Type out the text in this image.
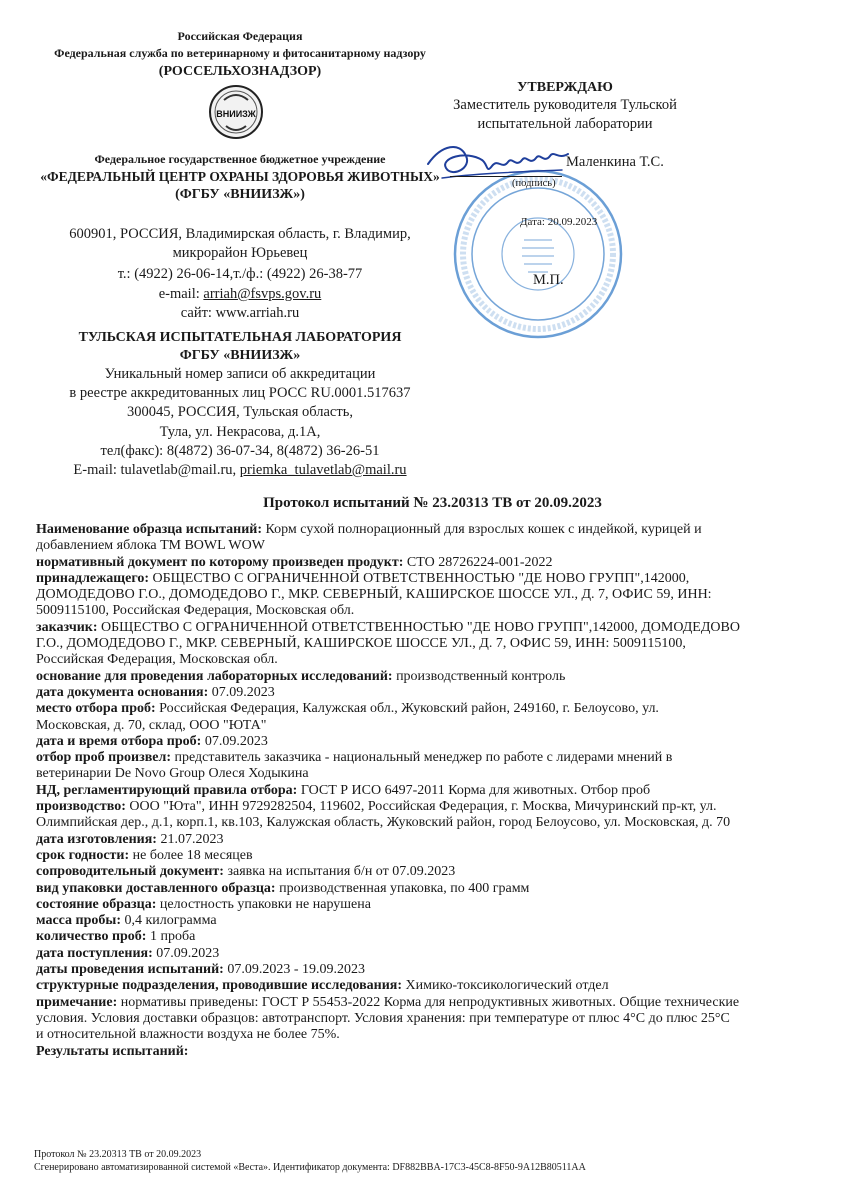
Российская Федерация
Федеральная служба по ветеринарному и фитосанитарному надзору
(РОССЕЛЬХОЗНАДЗОР)
ВНИИЗЖ
Федеральное государственное бюджетное учреждение
«ФЕДЕРАЛЬНЫЙ ЦЕНТР ОХРАНЫ ЗДОРОВЬЯ ЖИВОТНЫХ»
(ФГБУ «ВНИИЗЖ»)
600901, РОССИЯ, Владимирская область, г. Владимир,
микрорайон Юрьевец
т.: (4922) 26-06-14,т./ф.: (4922) 26-38-77
e-mail: arriah@fsvps.gov.ru
сайт: www.arriah.ru
ТУЛЬСКАЯ ИСПЫТАТЕЛЬНАЯ ЛАБОРАТОРИЯ
ФГБУ «ВНИИЗЖ»
Уникальный номер записи об аккредитации
в реестре аккредитованных лиц РОСС RU.0001.517637
300045, РОССИЯ, Тульская область,
Тула, ул. Некрасова, д.1А,
тел(факс): 8(4872) 36-07-34, 8(4872) 36-26-51
E-mail: tulavetlab@mail.ru, priemka_tulavetlab@mail.ru
УТВЕРЖДАЮ
Заместитель руководителя Тульской
испытательной лаборатории
Маленкина Т.С.
(подпись)
Дата: 20.09.2023
М.П.
Протокол испытаний № 23.20313 ТВ от 20.09.2023
Наименование образца испытаний: Корм сухой полнорационный для взрослых кошек с индейкой, курицей и
добавлением яблока ТМ BOWL WOW
нормативный документ по которому произведен продукт: СТО 28726224-001-2022
принадлежащего: ОБЩЕСТВО С ОГРАНИЧЕННОЙ ОТВЕТСТВЕННОСТЬЮ "ДЕ НОВО ГРУПП",142000,
ДОМОДЕДОВО Г.О., ДОМОДЕДОВО Г., МКР. СЕВЕРНЫЙ, КАШИРСКОЕ ШОССЕ УЛ., Д. 7, ОФИС 59, ИНН:
5009115100, Российская Федерация, Московская обл.
заказчик: ОБЩЕСТВО С ОГРАНИЧЕННОЙ ОТВЕТСТВЕННОСТЬЮ "ДЕ НОВО ГРУПП",142000, ДОМОДЕДОВО
Г.О., ДОМОДЕДОВО Г., МКР. СЕВЕРНЫЙ, КАШИРСКОЕ ШОССЕ УЛ., Д. 7, ОФИС 59, ИНН: 5009115100,
Российская Федерация, Московская обл.
основание для проведения лабораторных исследований: производственный контроль
дата документа основания: 07.09.2023
место отбора проб: Российская Федерация, Калужская обл., Жуковский район, 249160, г. Белоусово, ул.
Московская, д. 70, склад, ООО "ЮТА"
дата и время отбора проб: 07.09.2023
отбор проб произвел: представитель заказчика - национальный менеджер по работе с лидерами мнений в
ветеринарии De Novo Group Олеся Ходыкина
НД, регламентирующий правила отбора: ГОСТ Р ИСО 6497-2011 Корма для животных. Отбор проб
производство: ООО "Юта", ИНН 9729282504, 119602, Российская Федерация, г. Москва, Мичуринский пр-кт, ул.
Олимпийская дер., д.1, корп.1, кв.103, Калужская область, Жуковский район, город Белоусово, ул. Московская, д. 70
дата изготовления: 21.07.2023
срок годности: не более 18 месяцев
сопроводительный документ: заявка на испытания б/н от 07.09.2023
вид упаковки доставленного образца: производственная упаковка, по 400 грамм
состояние образца: целостность упаковки не нарушена
масса пробы: 0,4 килограмма
количество проб: 1 проба
дата поступления: 07.09.2023
даты проведения испытаний: 07.09.2023 - 19.09.2023
структурные подразделения, проводившие исследования: Химико-токсикологический отдел
примечание: нормативы приведены: ГОСТ Р 55453-2022 Корма для непродуктивных животных. Общие технические
условия. Условия доставки образцов: автотранспорт. Условия хранения: при температуре от плюс 4°С до плюс 25°С
и относительной влажности воздуха не более 75%.
Результаты испытаний:
Протокол № 23.20313 ТВ от 20.09.2023
Сгенерировано автоматизированной системой «Веста». Идентификатор документа: DF882BBA-17C3-45C8-8F50-9A12B80511AA
